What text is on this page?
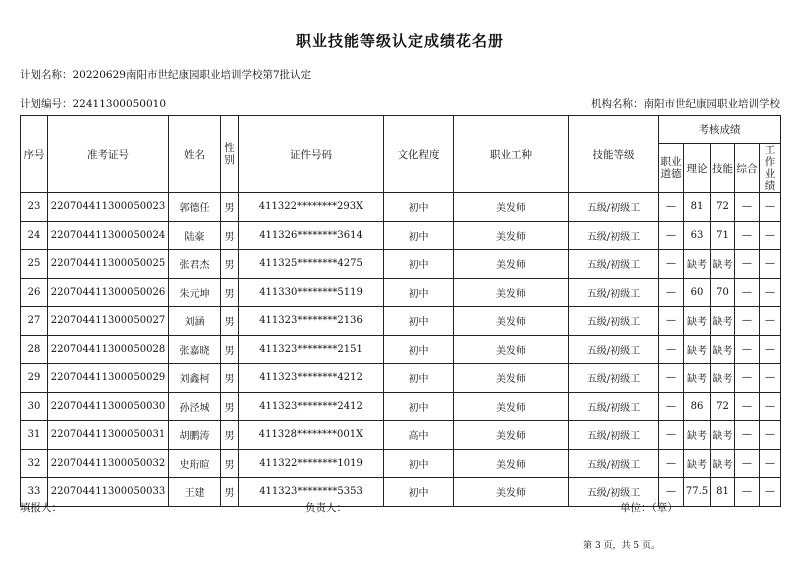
职业技能等级认定成绩花名册
计划名称：20220629南阳市世纪康园职业培训学校第7批认定
计划编号：22411300050010	机构名称：南阳市世纪康园职业培训学校
序号	准考证号	姓名	性别	证件号码	文化程度	职业工种	技能等级	考核成绩				
								职业道德	理论	技能	综合	工作业绩
23	220704411300050023	郭德任	男	411322********293X	初中	美发师	五级/初级工	—	81	72	—	—
24	220704411300050024	陆豪	男	411326********3614	初中	美发师	五级/初级工	—	63	71	—	—
25	220704411300050025	张君杰	男	411325********4275	初中	美发师	五级/初级工	—	缺考	缺考	—	—
26	220704411300050026	朱元坤	男	411330********5119	初中	美发师	五级/初级工	—	60	70	—	—
27	220704411300050027	刘涵	男	411323********2136	初中	美发师	五级/初级工	—	缺考	缺考	—	—
28	220704411300050028	张嘉晓	男	411323********2151	初中	美发师	五级/初级工	—	缺考	缺考	—	—
29	220704411300050029	刘鑫柯	男	411323********4212	初中	美发师	五级/初级工	—	缺考	缺考	—	—
30	220704411300050030	孙泾城	男	411323********2412	初中	美发师	五级/初级工	—	86	72	—	—
31	220704411300050031	胡鹏涛	男	411328********001X	高中	美发师	五级/初级工	—	缺考	缺考	—	—
32	220704411300050032	史珩暄	男	411322********1019	初中	美发师	五级/初级工	—	缺考	缺考	—	—
33	220704411300050033	王建	男	411323********5353	初中	美发师	五级/初级工	—	77.5	81	—	—
填报人：	负责人：	单位：（章）
第 3 页，共 5 页。
